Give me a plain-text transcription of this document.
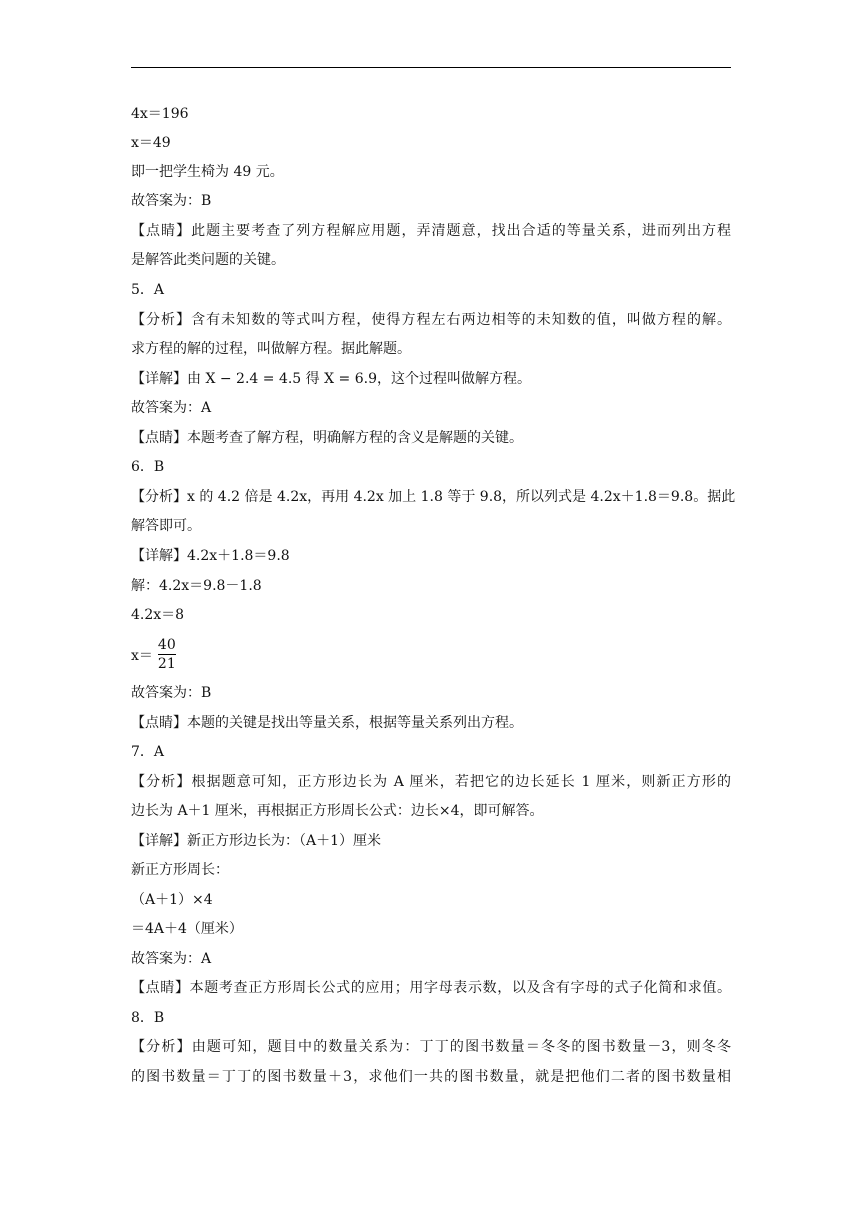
4x＝196
x＝49
即一把学生椅为 49 元。
故答案为：B
【点睛】此题主要考查了列方程解应用题，弄清题意，找出合适的等量关系，进而列出方程
是解答此类问题的关键。
5．A
【分析】含有未知数的等式叫方程，使得方程左右两边相等的未知数的值，叫做方程的解。
求方程的解的过程，叫做解方程。据此解题。
【详解】由 X − 2.4 = 4.5 得 X = 6.9，这个过程叫做解方程。
故答案为：A
【点睛】本题考查了解方程，明确解方程的含义是解题的关键。
6．B
【分析】x 的 4.2 倍是 4.2x，再用 4.2x 加上 1.8 等于 9.8，所以列式是 4.2x＋1.8＝9.8。据此
解答即可。
【详解】4.2x＋1.8＝9.8
解：4.2x＝9.8－1.8
4.2x＝8
$x= \frac{40}{21}$
故答案为：B
【点睛】本题的关键是找出等量关系，根据等量关系列出方程。
7．A
【分析】根据题意可知，正方形边长为 A 厘米，若把它的边长延长 1 厘米，则新正方形的
边长为 A＋1 厘米，再根据正方形周长公式：边长×4，即可解答。
【详解】新正方形边长为：（A＋1）厘米
新正方形周长：
（A＋1）×4
＝4A＋4（厘米）
故答案为：A
【点睛】本题考查正方形周长公式的应用；用字母表示数，以及含有字母的式子化简和求值。
8．B
【分析】由题可知，题目中的数量关系为：丁丁的图书数量＝冬冬的图书数量－3，则冬冬
的图书数量＝丁丁的图书数量＋3，求他们一共的图书数量，就是把他们二者的图书数量相
